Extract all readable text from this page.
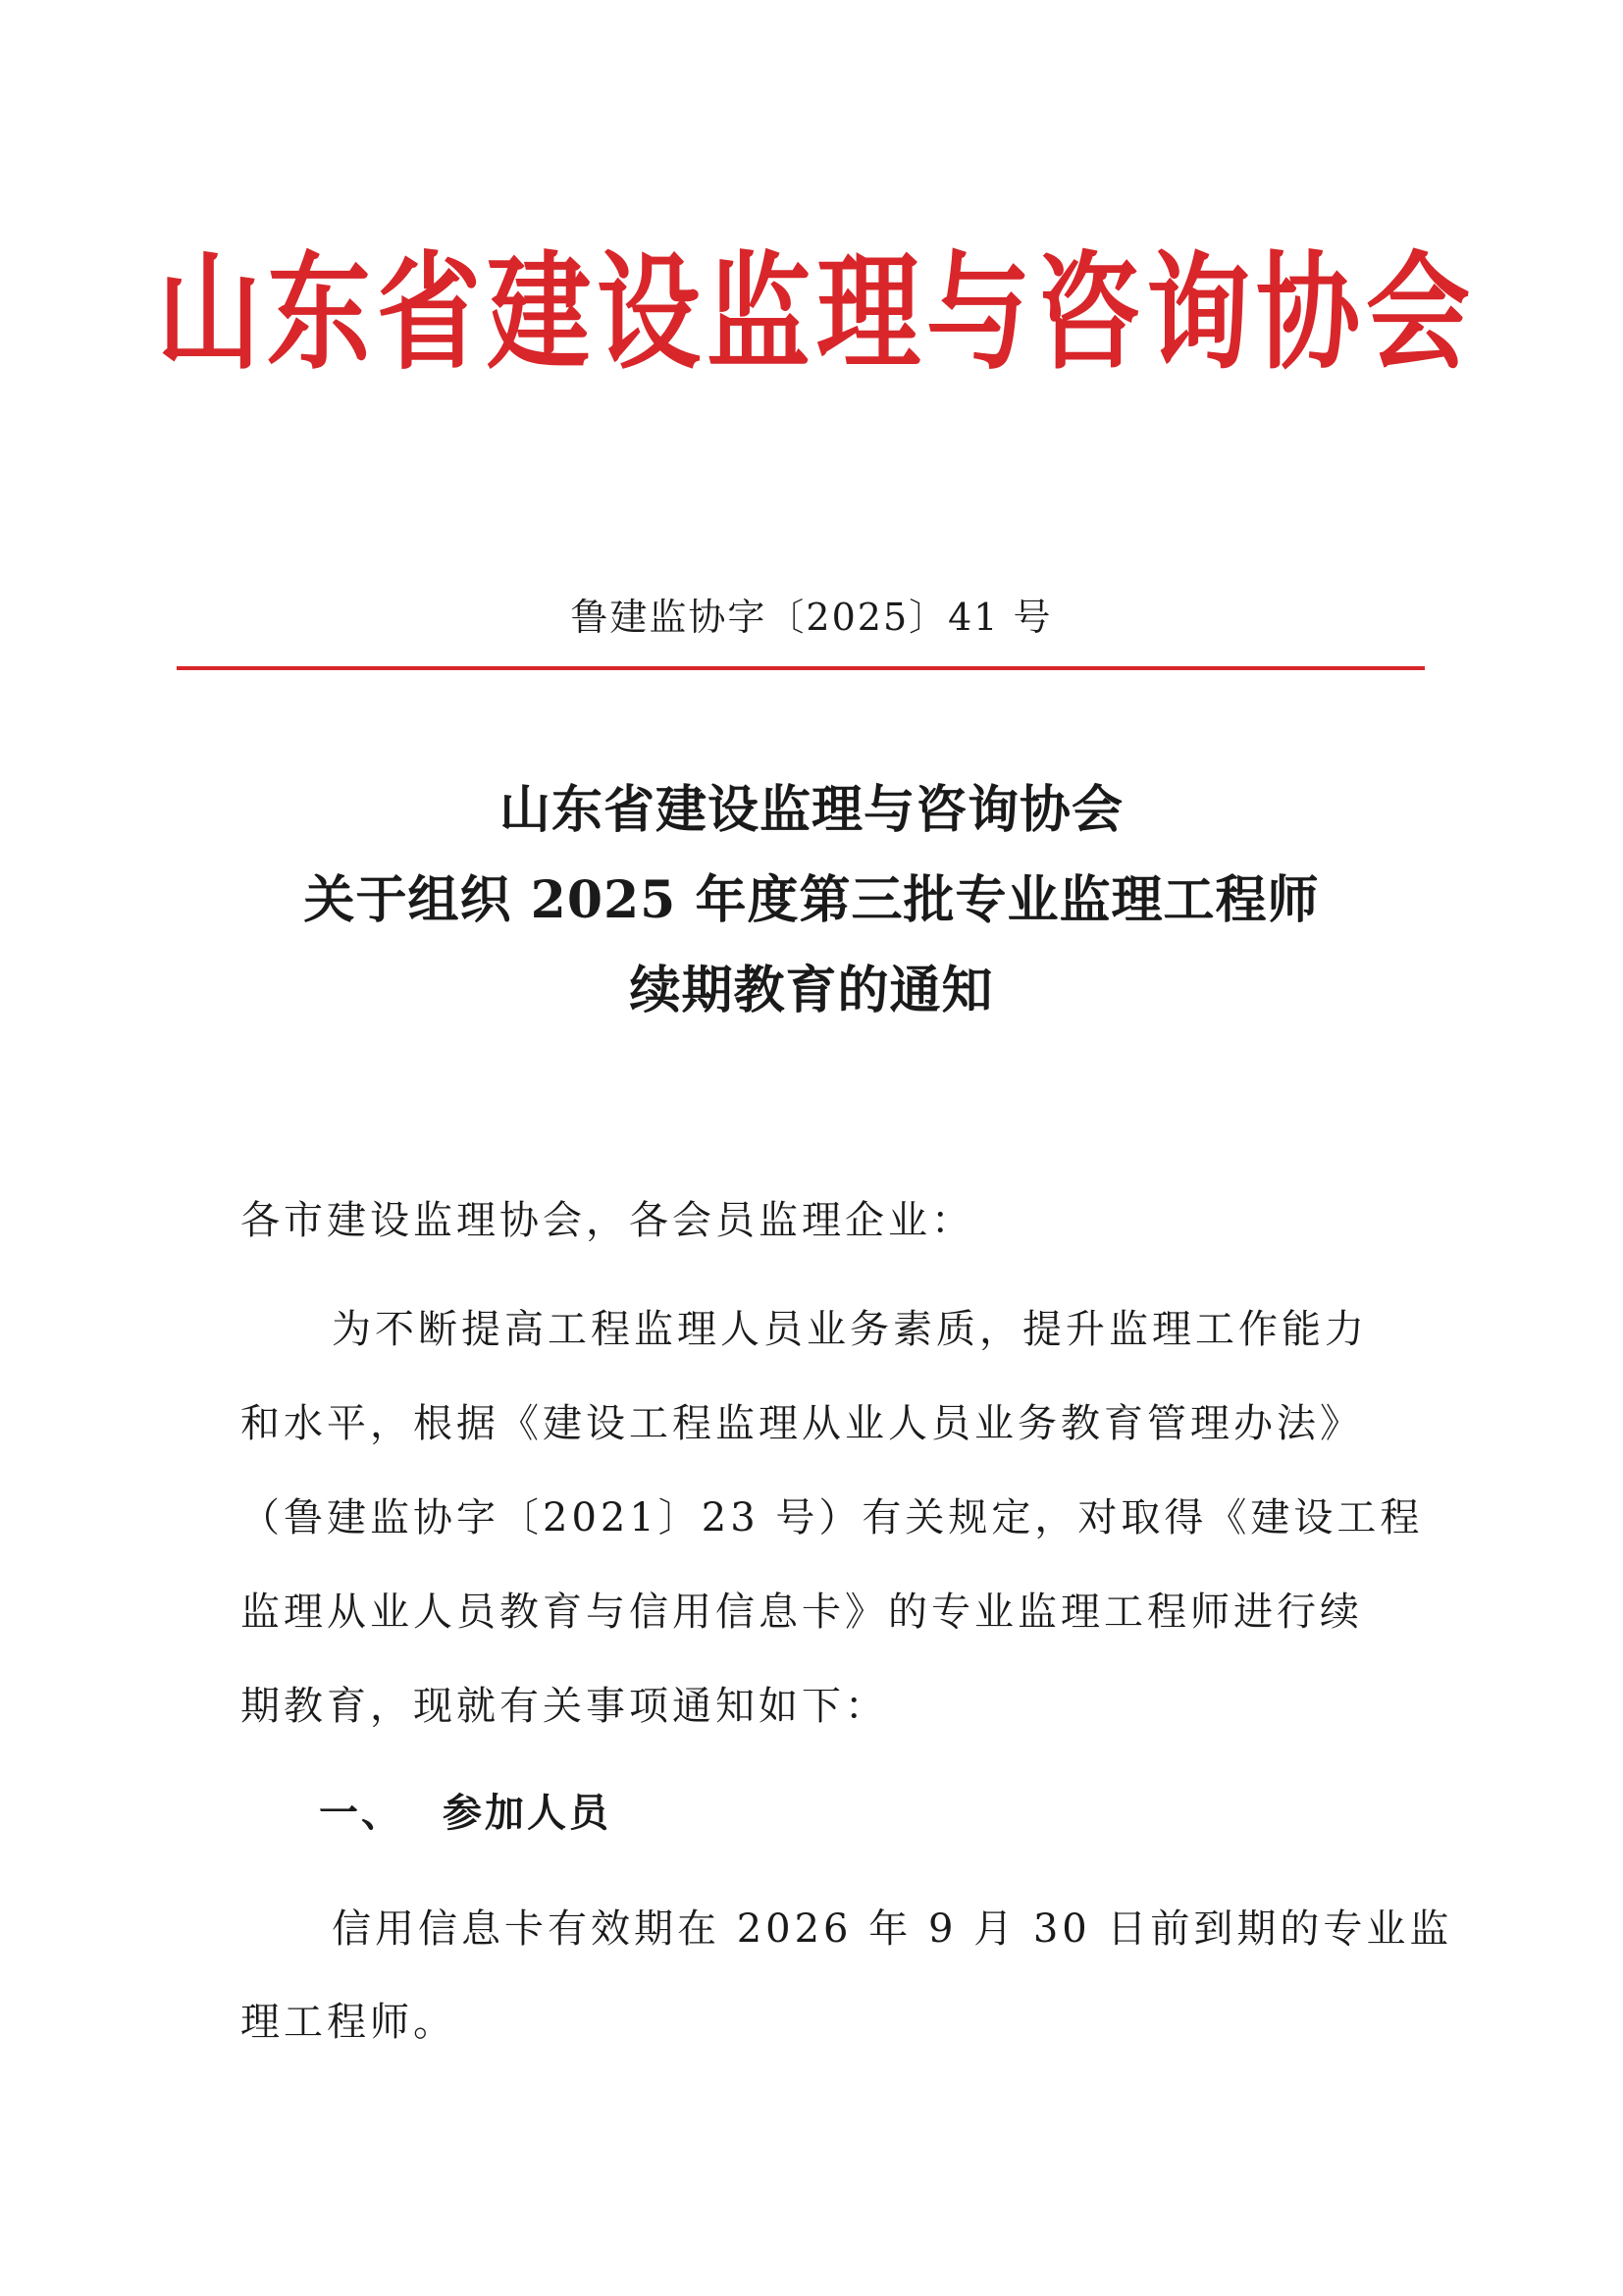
山东省建设监理与咨询协会
鲁建监协字〔2025〕41 号
山东省建设监理与咨询协会
关于组织 2025 年度第三批专业监理工程师
续期教育的通知
各市建设监理协会，各会员监理企业：
为不断提高工程监理人员业务素质，提升监理工作能力
和水平，根据《建设工程监理从业人员业务教育管理办法》
（鲁建监协字〔2021〕23 号）有关规定，对取得《建设工程
监理从业人员教育与信用信息卡》的专业监理工程师进行续
期教育，现就有关事项通知如下：
一、 参加人员
信用信息卡有效期在 2026 年 9 月 30 日前到期的专业监
理工程师。
